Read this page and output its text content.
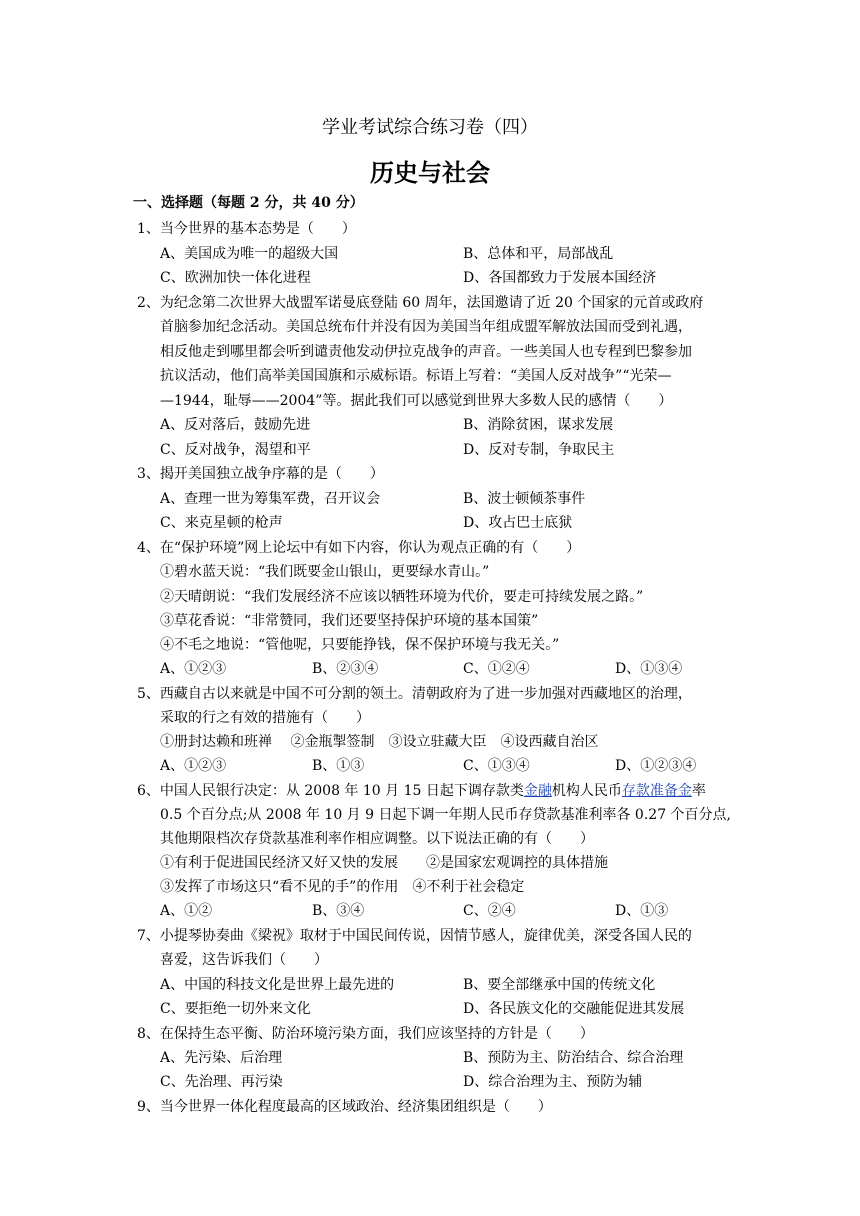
学业考试综合练习卷（四）
历史与社会
一、选择题（每题 2 分，共 40 分）
1、当今世界的基本态势是（　　）
A、美国成为唯一的超级大国	B、总体和平，局部战乱
C、欧洲加快一体化进程	D、各国都致力于发展本国经济
2、为纪念第二次世界大战盟军诺曼底登陆 60 周年，法国邀请了近 20 个国家的元首或政府
首脑参加纪念活动。美国总统布什并没有因为美国当年组成盟军解放法国而受到礼遇，
相反他走到哪里都会听到谴责他发动伊拉克战争的声音。一些美国人也专程到巴黎参加
抗议活动，他们高举美国国旗和示威标语。标语上写着：“美国人反对战争”“光荣—
—1944，耻辱——2004”等。据此我们可以感觉到世界大多数人民的感情（　　）
A、反对落后，鼓励先进	B、消除贫困，谋求发展
C、反对战争，渴望和平	D、反对专制，争取民主
3、揭开美国独立战争序幕的是（　　）
A、查理一世为筹集军费，召开议会	B、波士顿倾茶事件
C、来克星顿的枪声	D、攻占巴士底狱
4、在“保护环境”网上论坛中有如下内容，你认为观点正确的有（　　）
①碧水蓝天说：“我们既要金山银山，更要绿水青山。”
②天晴朗说：“我们发展经济不应该以牺牲环境为代价，要走可持续发展之路。”
③草花香说：“非常赞同，我们还要坚持保护环境的基本国策”
④不毛之地说：“管他呢，只要能挣钱，保不保护环境与我无关。”
A、①②③	B、②③④	C、①②④	D、①③④
5、西藏自古以来就是中国不可分割的领土。清朝政府为了进一步加强对西藏地区的治理，
采取的行之有效的措施有（　　）
①册封达赖和班禅　 ②金瓶掣签制　③设立驻藏大臣　④设西藏自治区
A、①②③	B、①③	C、①③④	D、①②③④
6、中国人民银行决定：从 2008 年 10 月 15 日起下调存款类金融机构人民币存款准备金率
0.5 个百分点;从 2008 年 10 月 9 日起下调一年期人民币存贷款基准利率各 0.27 个百分点,
其他期限档次存贷款基准利率作相应调整。以下说法正确的有（　　）
①有利于促进国民经济又好又快的发展　　②是国家宏观调控的具体措施
③发挥了市场这只“看不见的手”的作用　④不利于社会稳定
A、①②	B、③④	C、②④	D、①③
7、小提琴协奏曲《梁祝》取材于中国民间传说，因情节感人，旋律优美，深受各国人民的
喜爱，这告诉我们（　　）
A、中国的科技文化是世界上最先进的	B、要全部继承中国的传统文化
C、要拒绝一切外来文化	D、各民族文化的交融能促进其发展
8、在保持生态平衡、防治环境污染方面，我们应该坚持的方针是（　　）
A、先污染、后治理	B、预防为主、防治结合、综合治理
C、先治理、再污染	D、综合治理为主、预防为辅
9、当今世界一体化程度最高的区域政治、经济集团组织是（　　）
